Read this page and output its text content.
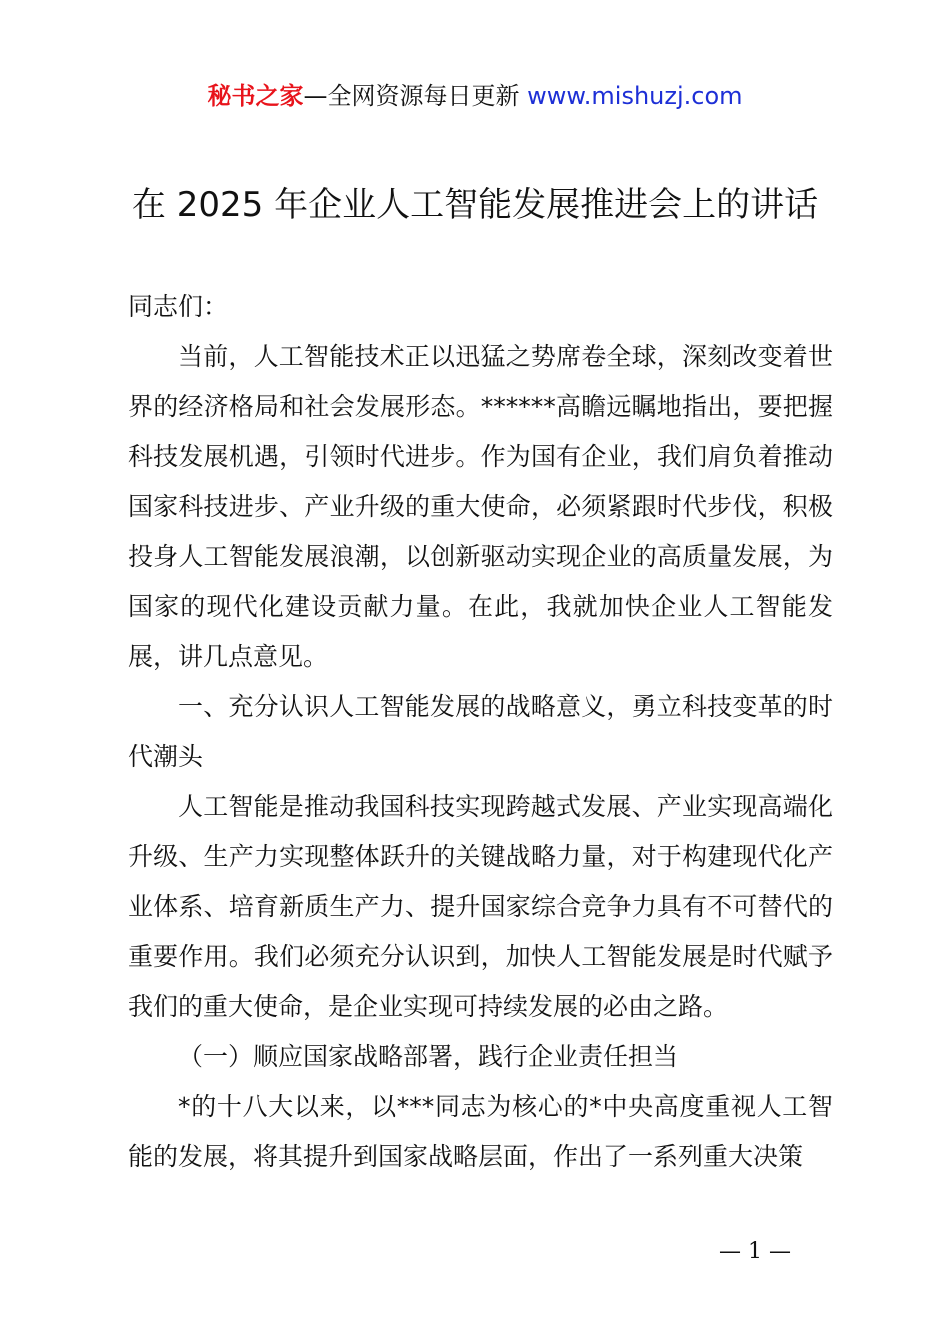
秘书之家—全网资源每日更新 www.mishuzj.com
在 2025 年企业人工智能发展推进会上的讲话

同志们：

当前，人工智能技术正以迅猛之势席卷全球，深刻改变着世界的经济格局和社会发展形态。******高瞻远瞩地指出，要把握科技发展机遇，引领时代进步。作为国有企业，我们肩负着推动国家科技进步、产业升级的重大使命，必须紧跟时代步伐，积极投身人工智能发展浪潮，以创新驱动实现企业的高质量发展，为国家的现代化建设贡献力量。在此，我就加快企业人工智能发展，讲几点意见。

一、充分认识人工智能发展的战略意义，勇立科技变革的时代潮头

人工智能是推动我国科技实现跨越式发展、产业实现高端化升级、生产力实现整体跃升的关键战略力量，对于构建现代化产业体系、培育新质生产力、提升国家综合竞争力具有不可替代的重要作用。我们必须充分认识到，加快人工智能发展是时代赋予我们的重大使命，是企业实现可持续发展的必由之路。

（一）顺应国家战略部署，践行企业责任担当

*的十八大以来，以***同志为核心的*中央高度重视人工智能的发展，将其提升到国家战略层面，作出了一系列重大决策

— 1 —
